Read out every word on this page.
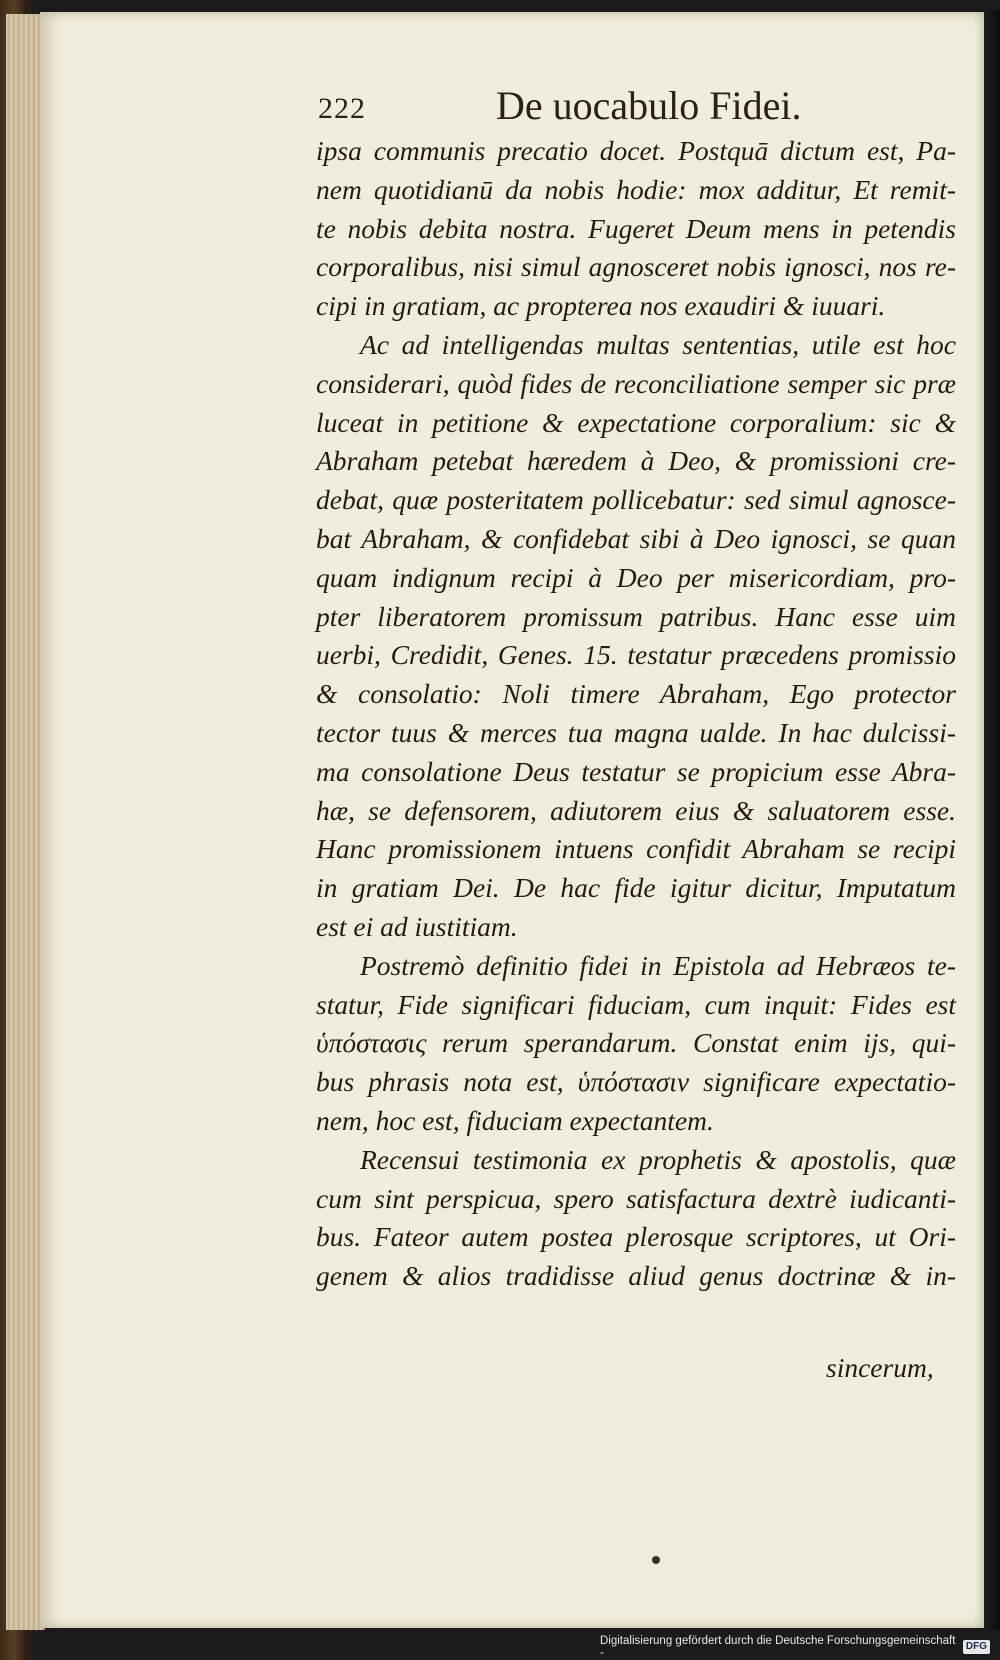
222	De uocabulo Fidei.
ipsa communis precatio docet. Postquā dictum est, Pa-
nem quotidianū da nobis hodie: mox additur, Et remit-
te nobis debita nostra. Fugeret Deum mens in petendis
corporalibus, nisi simul agnosceret nobis ignosci, nos re-
cipi in gratiam, ac propterea nos exaudiri & iuuari.
Ac ad intelligendas multas sententias, utile est hoc
considerari, quòd fides de reconciliatione semper sic præ
luceat in petitione & expectatione corporalium: sic &
Abraham petebat hæredem à Deo, & promissioni cre-
debat, quæ posteritatem pollicebatur: sed simul agnosce-
bat Abraham, & confidebat sibi à Deo ignosci, se quan
quam indignum recipi à Deo per misericordiam, pro-
pter liberatorem promissum patribus. Hanc esse uim
uerbi, Credidit, Genes. 15. testatur præcedens promissio
& consolatio: Noli timere Abraham, Ego protector
tector tuus & merces tua magna ualde. In hac dulcissi-
ma consolatione Deus testatur se propicium esse Abra-
hæ, se defensorem, adiutorem eius & saluatorem esse.
Hanc promissionem intuens confidit Abraham se recipi
in gratiam Dei. De hac fide igitur dicitur, Imputatum
est ei ad iustitiam.
Postremò definitio fidei in Epistola ad Hebræos te-
statur, Fide significari fiduciam, cum inquit: Fides est
ὑπόστασις rerum sperandarum. Constat enim ijs, qui-
bus phrasis nota est, ὑπόστασιν significare expectatio-
nem, hoc est, fiduciam expectantem.
Recensui testimonia ex prophetis & apostolis, quæ
cum sint perspicua, spero satisfactura dextrè iudicanti-
bus. Fateor autem postea plerosque scriptores, ut Ori-
genem & alios tradidisse aliud genus doctrinæ & in-
sincerum,
Digitalisierung gefördert durch die Deutsche Forschungsgemeinschaft -
DFG
